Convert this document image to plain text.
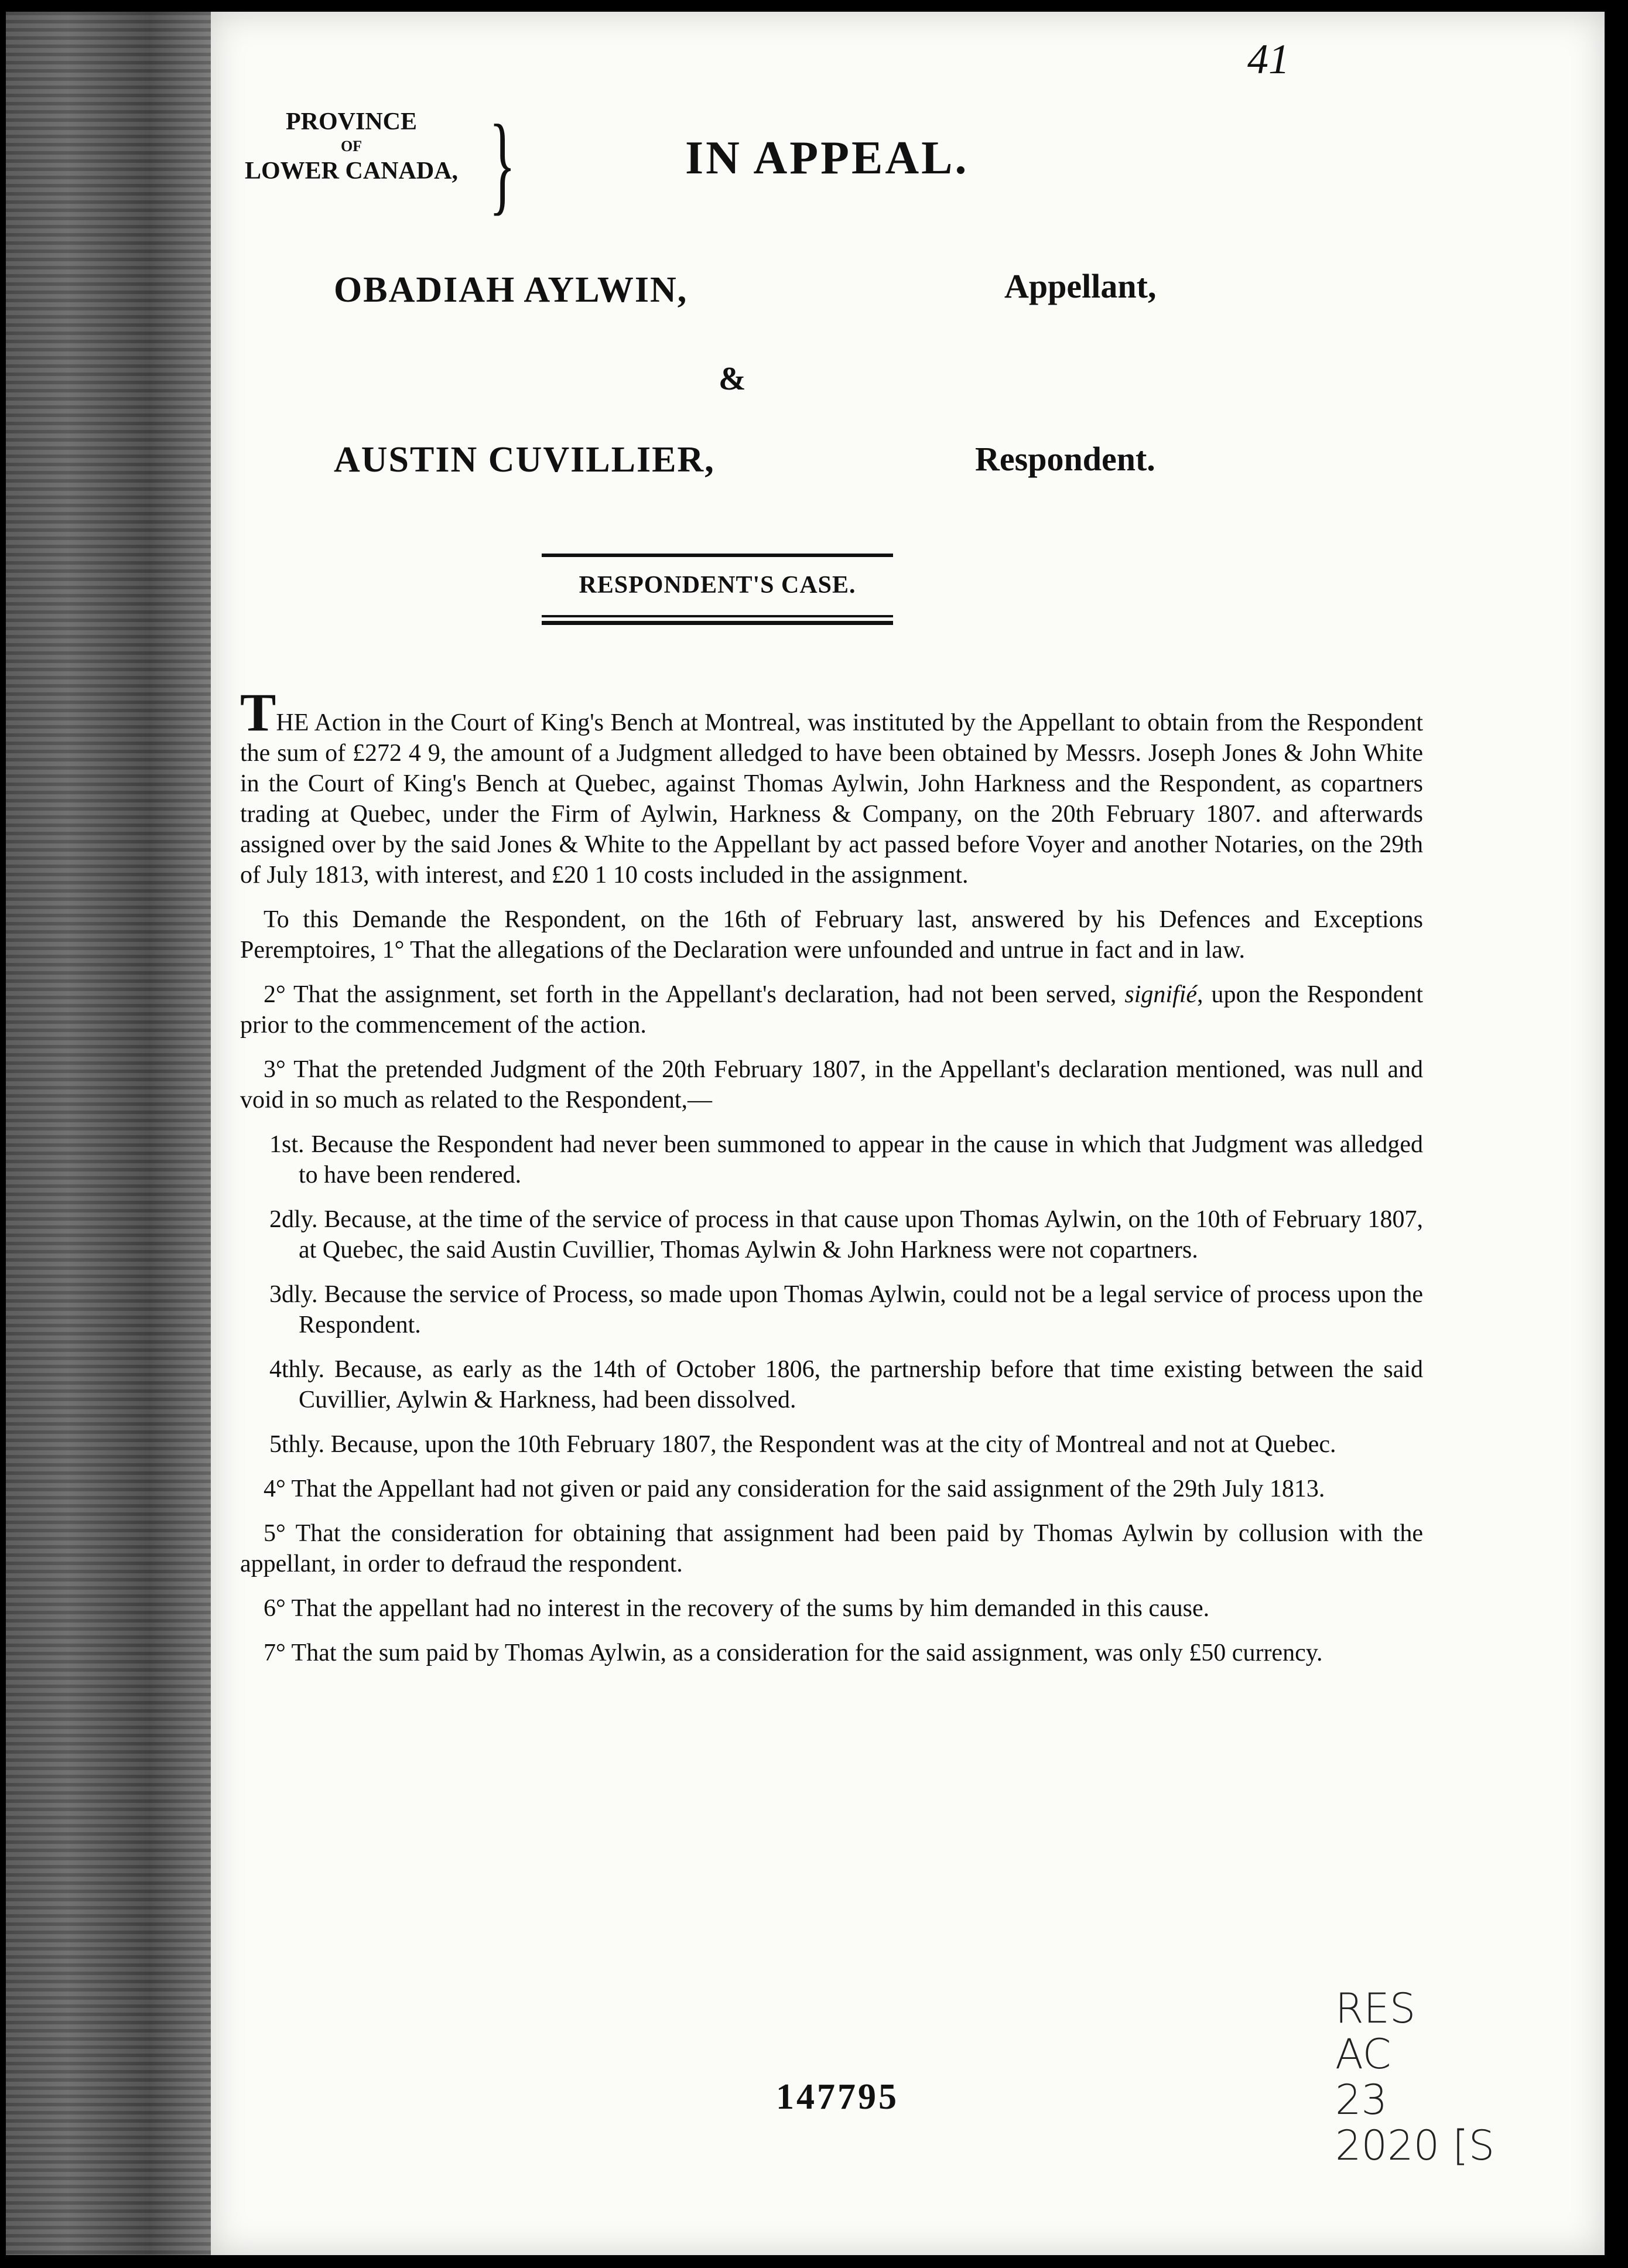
41
PROVINCE
OF
LOWER CANADA, }	IN APPEAL.
OBADIAH AYLWIN,	Appellant,
&
AUSTIN CUVILLIER,	Respondent.
RESPONDENT'S CASE.

THE Action in the Court of King's Bench at Montreal, was instituted by the Appellant to obtain from the Respondent the sum of £272 4 9, the amount of a Judgment alledged to have been obtained by Messrs. Joseph Jones & John White in the Court of King's Bench at Quebec, against Thomas Aylwin, John Harkness and the Respondent, as copartners trading at Quebec, under the Firm of Aylwin, Harkness & Company, on the 20th February 1807. and afterwards assigned over by the said Jones & White to the Appellant by act passed before Voyer and another Notaries, on the 29th of July 1813, with interest, and £20 1 10 costs included in the assignment.

To this Demande the Respondent, on the 16th of February last, answered by his Defences and Exceptions Peremptoires, 1° That the allegations of the Declaration were unfounded and untrue in fact and in law.

2° That the assignment, set forth in the Appellant's declaration, had not been served, signifié, upon the Respondent prior to the commencement of the action.

3° That the pretended Judgment of the 20th February 1807, in the Appellant's declaration mentioned, was null and void in so much as related to the Respondent,—

1st. Because the Respondent had never been summoned to appear in the cause in which that Judgment was alledged to have been rendered.

2dly. Because, at the time of the service of process in that cause upon Thomas Aylwin, on the 10th of February 1807, at Quebec, the said Austin Cuvillier, Thomas Aylwin & John Harkness were not copartners.

3dly. Because the service of Process, so made upon Thomas Aylwin, could not be a legal service of process upon the Respondent.

4thly. Because, as early as the 14th of October 1806, the partnership before that time existing between the said Cuvillier, Aylwin & Harkness, had been dissolved.

5thly. Because, upon the 10th February 1807, the Respondent was at the city of Montreal and not at Quebec.

4° That the Appellant had not given or paid any consideration for the said assignment of the 29th July 1813.

5° That the consideration for obtaining that assignment had been paid by Thomas Aylwin by collusion with the appellant, in order to defraud the respondent.

6° That the appellant had no interest in the recovery of the sums by him demanded in this cause.

7° That the sum paid by Thomas Aylwin, as a consideration for the said assignment, was only £50 currency.

147795
RES
AC
23
2020 [S
